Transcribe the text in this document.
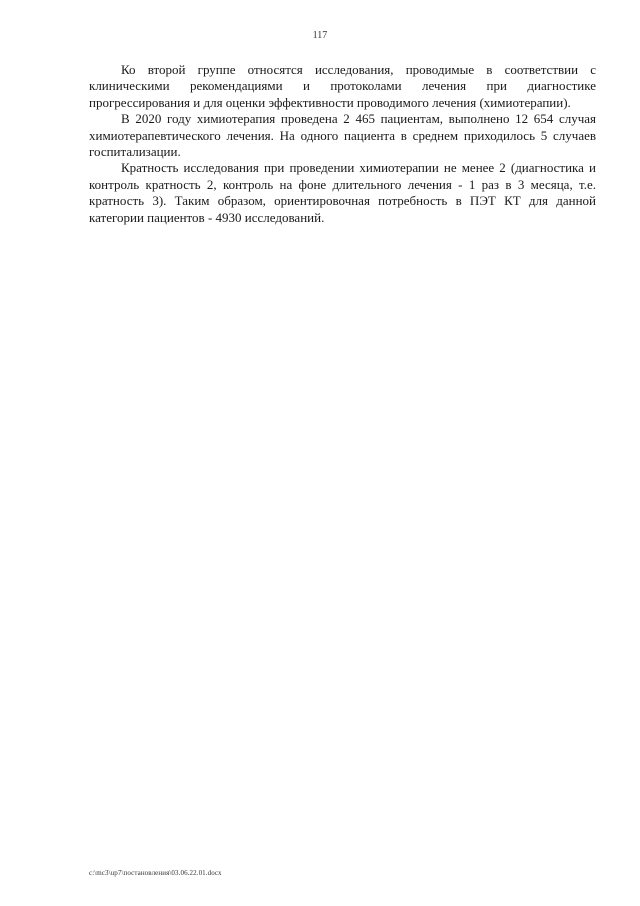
117

Ко второй группе относятся исследования, проводимые в соответствии с клиническими рекомендациями и протоколами лечения при диагностике прогрессирования и для оценки эффективности проводимого лечения (химиотерапии).

В 2020 году химиотерапия проведена 2 465 пациентам, выполнено 12 654 случая химиотерапевтического лечения. На одного пациента в среднем приходилось 5 случаев госпитализации.

Кратность исследования при проведении химиотерапии не менее 2 (диагностика и контроль кратность 2, контроль на фоне длительного лечения - 1 раз в 3 месяца, т.е. кратность 3). Таким образом, ориентировочная потребность в ПЭТ КТ для данной категории пациентов - 4930 исследований.

c:\mc3\up7\постановления\03.06.22.01.docx
